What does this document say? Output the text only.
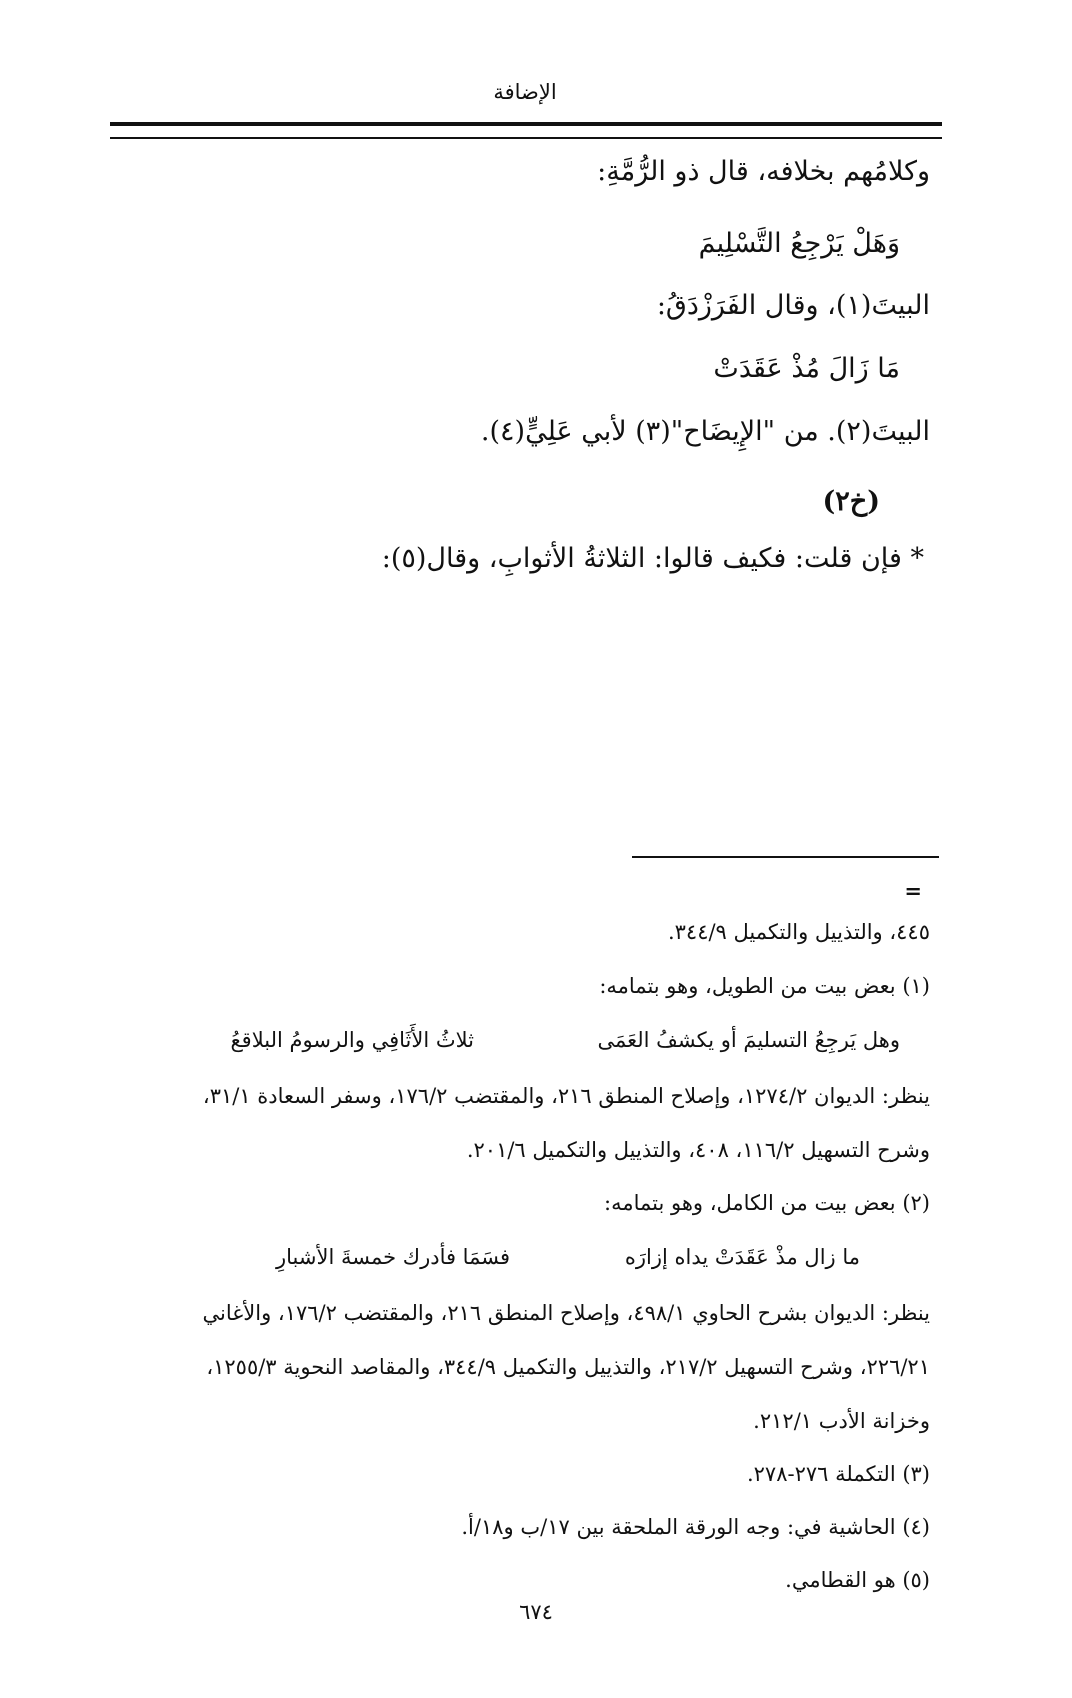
الإضافة
وكلامُهم بخلافه، قال ذو الرُّمَّةِ:
وَهَلْ يَرْجِعُ التَّسْلِيمَ
البيتَ(١)، وقال الفَرَزْدَقُ:
مَا زَالَ مُذْ عَقَدَتْ
البيتَ(٢). من "الإِيضَاح"(٣) لأبي عَلِيٍّ(٤).
(خ٢)
* فإن قلت: فكيف قالوا: الثلاثةُ الأثوابِ، وقال(٥):
=
٤٤٥، والتذييل والتكميل ٣٤٤/٩.
(١) بعض بيت من الطويل، وهو بتمامه:
وهل يَرجِعُ التسليمَ أو يكشفُ العَمَى
ثلاثُ الأَثَافِي والرسومُ البلاقعُ
ينظر: الديوان ١٢٧٤/٢، وإصلاح المنطق ٢١٦، والمقتضب ١٧٦/٢، وسفر السعادة ٣١/١،
وشرح التسهيل ١١٦/٢، ٤٠٨، والتذييل والتكميل ٢٠١/٦.
(٢) بعض بيت من الكامل، وهو بتمامه:
ما زال مذْ عَقَدَتْ يداه إزارَه
فسَمَا فأدرك خمسةَ الأشبارِ
ينظر: الديوان بشرح الحاوي ٤٩٨/١، وإصلاح المنطق ٢١٦، والمقتضب ١٧٦/٢، والأغاني
٢٢٦/٢١، وشرح التسهيل ٢١٧/٢، والتذييل والتكميل ٣٤٤/٩، والمقاصد النحوية ١٢٥٥/٣،
وخزانة الأدب ٢١٢/١.
(٣) التكملة ٢٧٦-٢٧٨.
(٤) الحاشية في: وجه الورقة الملحقة بين ١٧/ب و١٨/أ.
(٥) هو القطامي.
٦٧٤
